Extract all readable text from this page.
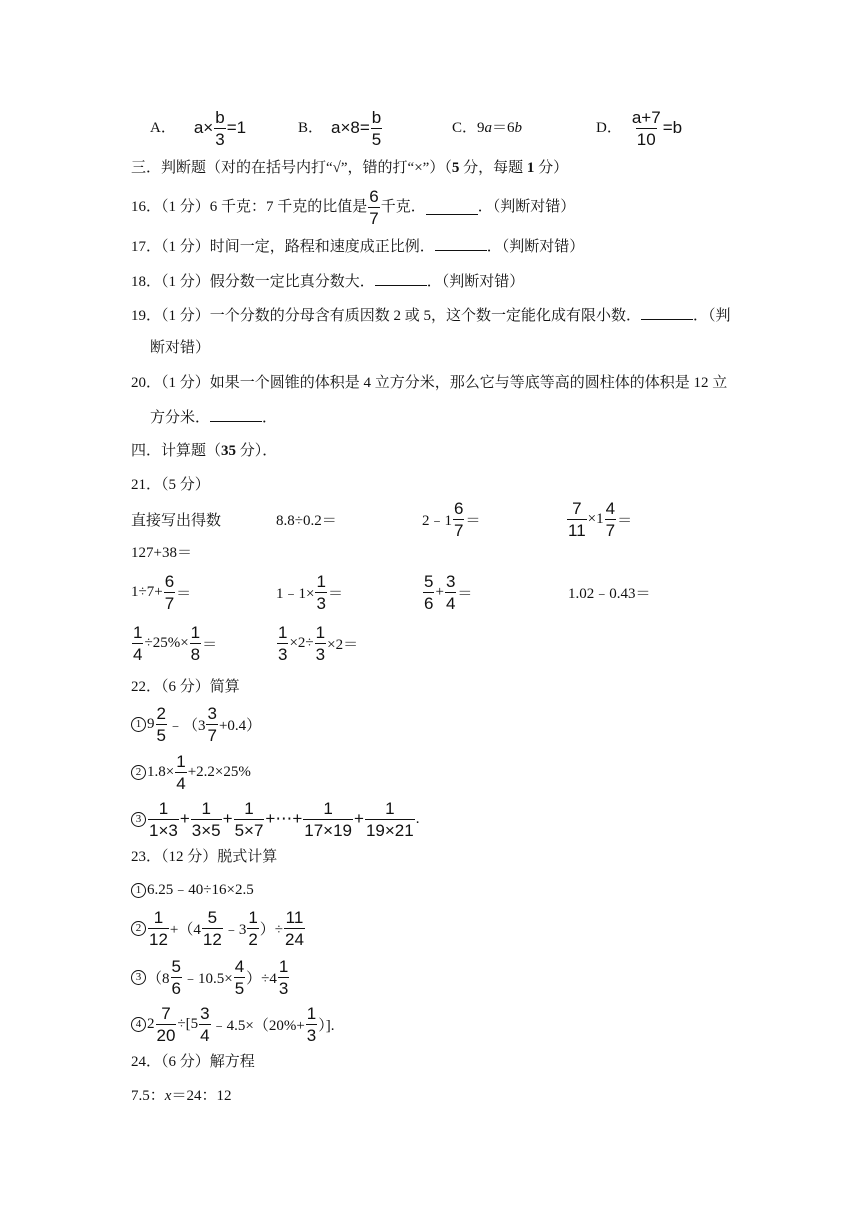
A． $a\times \frac{b}{3} =1$	B． $a\times 8= \frac{b}{5}$	C． 9 a ＝6 b	D． $\frac{a+7}{10} =b$
三．判断题（对的在括号内打“√”，错的打“×”）（5 分，每题 1 分）
16．（1 分）6 千克：7 千克的比值是 $\frac{6}{7}$ 千克．	．（判断对错）
17．（1 分）时间一定，路程和速度成正比例．	．（判断对错）
18．（1 分）假分数一定比真分数大．	．（判断对错）
19．（1 分）一个分数的分母含有质因数 2 或 5，这个数一定能化成有限小数．	．（判
断对错）
20．（1 分）如果一个圆锥的体积是 4 立方分米，那么它与等底等高的圆柱体的体积是 12 立
方分米．	．
四．计算题（35 分）．
21．（5 分）
直接写出得数	8.8÷0.2＝	2﹣1 $\frac{6}{7}$ ＝	$\frac{7}{11} \times 1 \frac{4}{7}$ ＝
127+38＝
$1\div 7+ \frac{6}{7}$ ＝	1﹣1× $\frac{1}{3}$ ＝	$\frac{5}{6} + \frac{3}{4}$ ＝	1.02﹣0.43＝
$\frac{1}{4} \div 25\%\times \frac{1}{8}$ ＝	$\frac{1}{3} \times 2\div \frac{1}{3} \times 2=$
22．（6 分）简算
1 $9 \frac{2}{5}$ ﹣（3 $\frac{3}{7} +0.4$）
2 $1.8\times \frac{1}{4} +2.2\times 25\%$
$3 \frac{1}{1\times 3} + \frac{1}{3\times 5} + \frac{1}{5\times 7}$ +⋯+ $\frac{1}{17\times 19} + \frac{1}{19\times 21}$ .
23．（12 分）脱式计算
1 6.25﹣40÷16×2.5
$2 \frac{1}{12} +(4 \frac{5}{12}$ ﹣3 $\frac{1}{2}$ ）÷ $\frac{11}{24}$
3 （$8 \frac{5}{6}$ ﹣10.5× $\frac{4}{5} )\div 4 \frac{1}{3}$
4 $2 \frac{7}{20} \div[5 \frac{3}{4}$ ﹣4.5×（20%+ $\frac{1}{3}$ ）].
24．（6 分）解方程
7.5：x＝24：12
